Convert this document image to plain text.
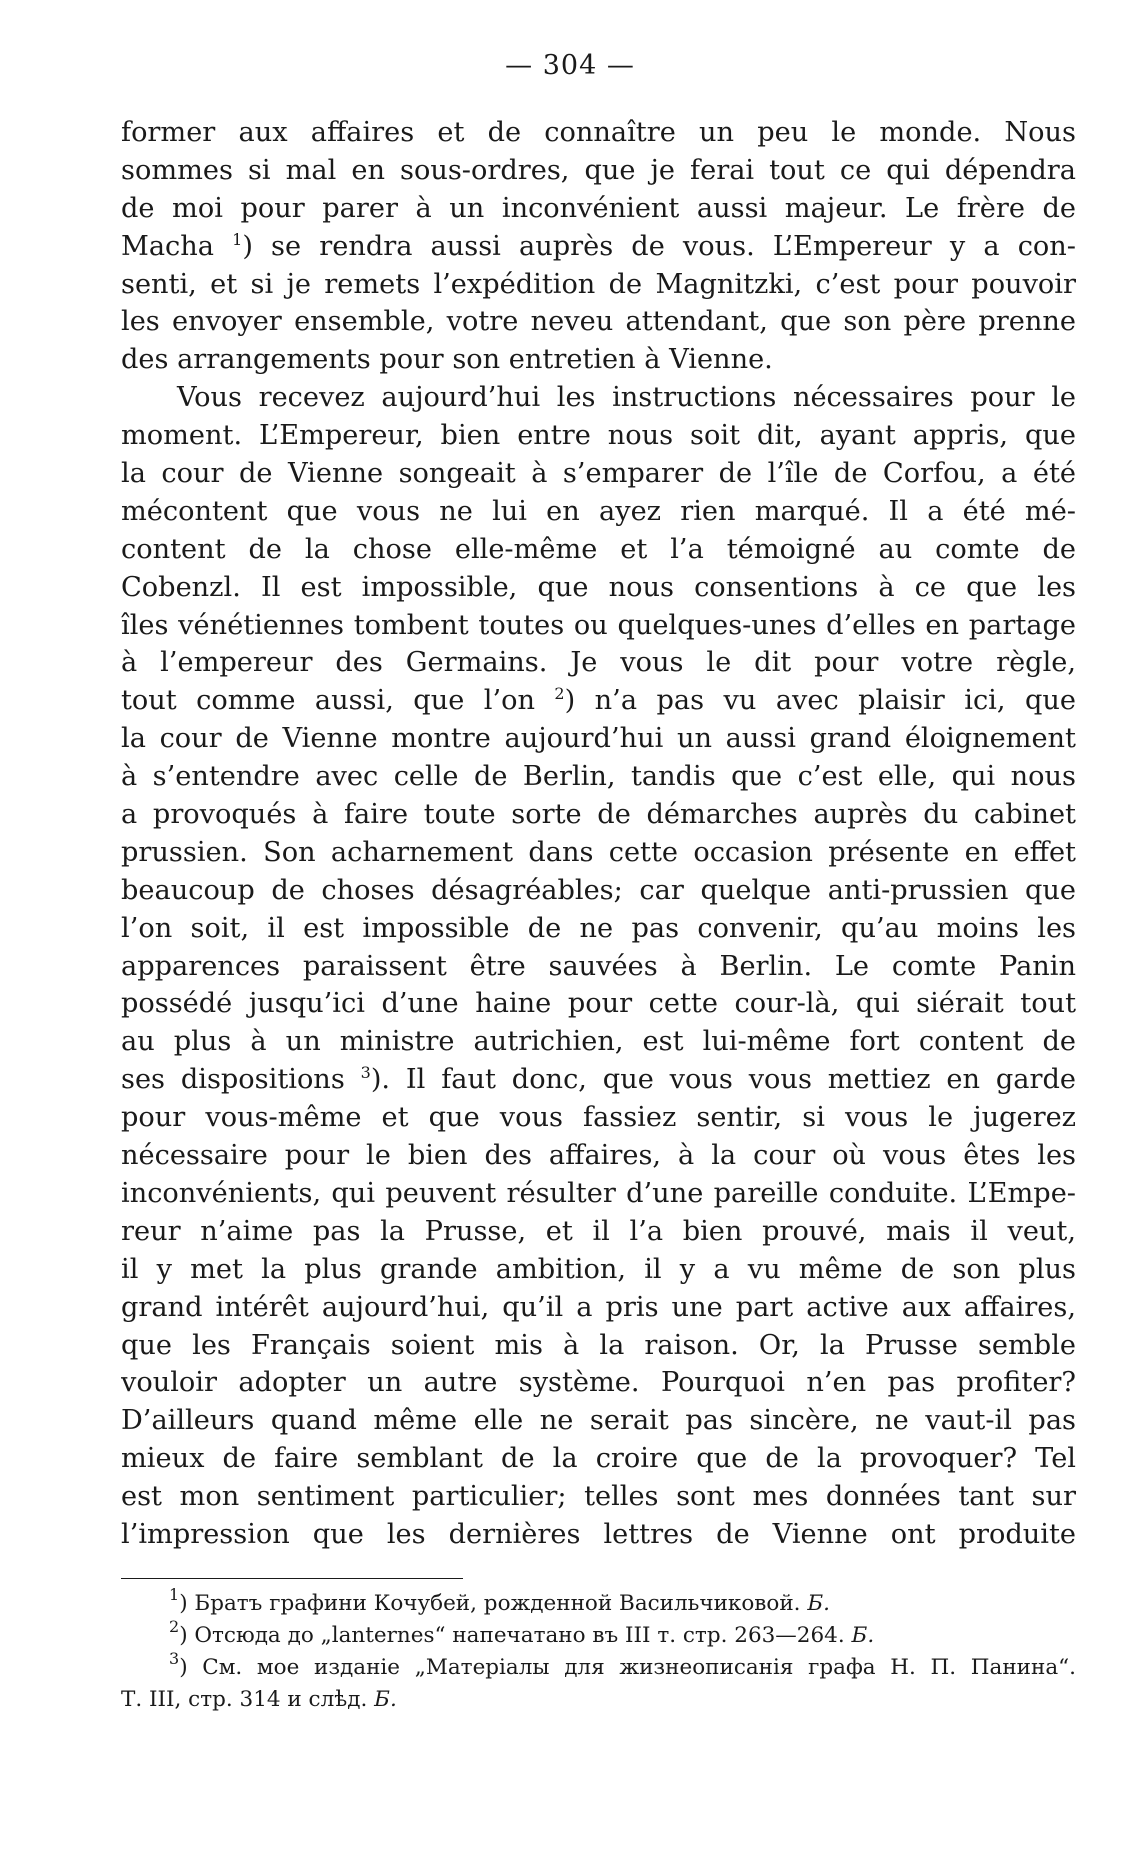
— 304 —
former aux affaires et de connaître un peu le monde. Nous
sommes si mal en sous-ordres, que je ferai tout ce qui dépendra
de moi pour parer à un inconvénient aussi majeur. Le frère de
Macha $^1$) se rendra aussi auprès de vous. L’Empereur y a con-
senti, et si je remets l’expédition de Magnitzki, c’est pour pouvoir
les envoyer ensemble, votre neveu attendant, que son père prenne
des arrangements pour son entretien à Vienne.
Vous recevez aujourd’hui les instructions nécessaires pour le
moment. L’Empereur, bien entre nous soit dit, ayant appris, que
la cour de Vienne songeait à s’emparer de l’île de Corfou, a été
mécontent que vous ne lui en ayez rien marqué. Il a été mé-
content de la chose elle-même et l’a témoigné au comte de
Cobenzl. Il est impossible, que nous consentions à ce que les
îles vénétiennes tombent toutes ou quelques-unes d’elles en partage
à l’empereur des Germains. Je vous le dit pour votre règle,
tout comme aussi, que l’on $^2$) n’a pas vu avec plaisir ici, que
la cour de Vienne montre aujourd’hui un aussi grand éloignement
à s’entendre avec celle de Berlin, tandis que c’est elle, qui nous
a provoqués à faire toute sorte de démarches auprès du cabinet
prussien. Son acharnement dans cette occasion présente en effet
beaucoup de choses désagréables; car quelque anti-prussien que
l’on soit, il est impossible de ne pas convenir, qu’au moins les
apparences paraissent être sauvées à Berlin. Le comte Panin
possédé jusqu’ici d’une haine pour cette cour-là, qui siérait tout
au plus à un ministre autrichien, est lui-même fort content de
ses dispositions $^3$). Il faut donc, que vous vous mettiez en garde
pour vous-même et que vous fassiez sentir, si vous le jugerez
nécessaire pour le bien des affaires, à la cour où vous êtes les
inconvénients, qui peuvent résulter d’une pareille conduite. L’Empe-
reur n’aime pas la Prusse, et il l’a bien prouvé, mais il veut,
il y met la plus grande ambition, il y a vu même de son plus
grand intérêt aujourd’hui, qu’il a pris une part active aux affaires,
que les Français soient mis à la raison. Or, la Prusse semble
vouloir adopter un autre système. Pourquoi n’en pas profiter?
D’ailleurs quand même elle ne serait pas sincère, ne vaut-il pas
mieux de faire semblant de la croire que de la provoquer? Tel
est mon sentiment particulier; telles sont mes données tant sur
l’impression que les dernières lettres de Vienne ont produite
$^1$) Братъ графини Кочубей, рожденной Васильчиковой. Б.
$^2$) Отсюда до „lanternes“ напечатано въ III т. стр. 263—264. Б.
$^3$) См. мое изданіе „Матеріалы для жизнеописанія графа Н. П. Панина“.
Т. III, стр. 314 и слѣд. Б.
